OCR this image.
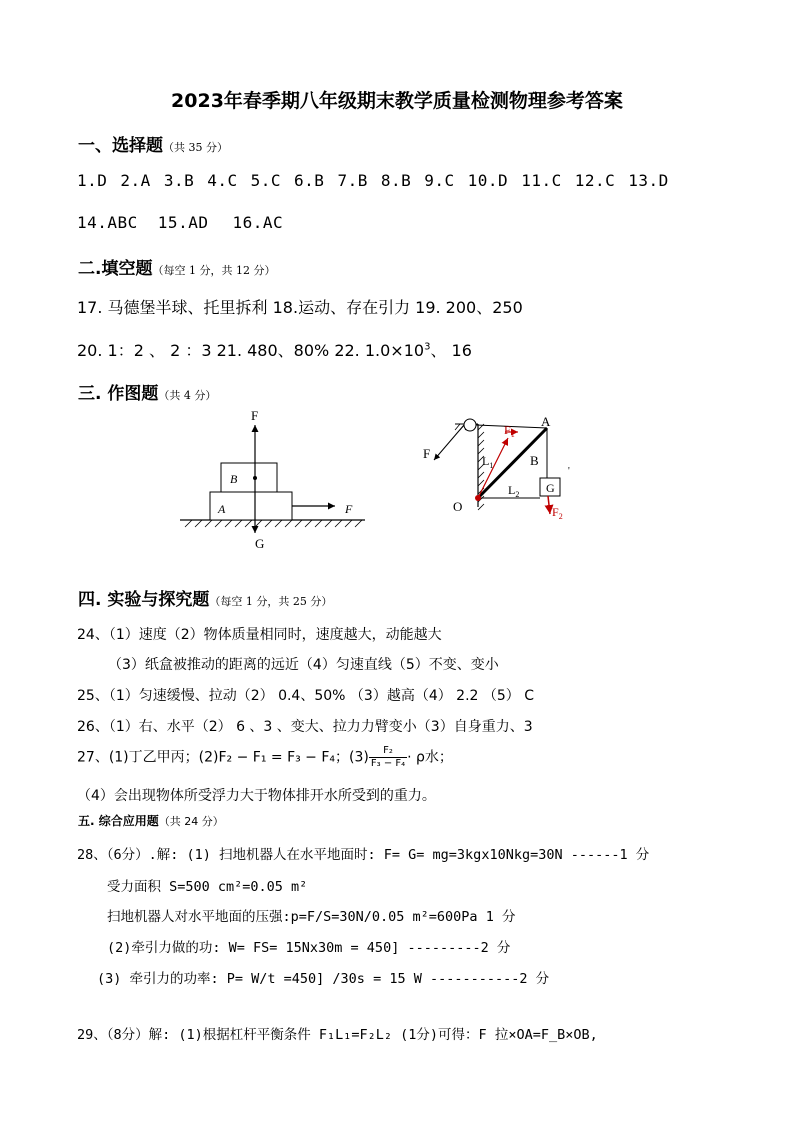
2023年春季期八年级期末教学质量检测物理参考答案
一、选择题（共 35 分）
1.D 2.A 3.B 4.C 5.C 6.B 7.B 8.B 9.C 10.D 11.C 12.C 13.D
14.ABC 15.AD 16.AC
二.填空题（每空 1 分，共 12 分）
17. 马德堡半球、托里拆利 18.运动、存在引力 19. 200、250
20. 1：2 、 2 ：3 21. 480、80% 22. $1.0\times 10^3$、 16
三. 作图题（共 4 分）
F
B
A	F
G
$F_1$
A
F	$L_1$	B
$L_2$ G
O	$F_2$
'
四. 实验与探究题（每空 1 分，共 25 分）
24、（1）速度（2）物体质量相同时，速度越大，动能越大
（3）纸盒被推动的距离的远近（4）匀速直线（5）不变、变小
25、（1）匀速缓慢、拉动（2） 0.4、50% （3）越高（4） 2.2 （5） C
26、（1）右、水平（2） 6 、3 、变大、拉力力臂变小（3）自身重力、3
27、(1)丁乙甲丙；(2)F₂ − F₁ = F₃ − F₄；$(3) \frac{\text{F₂}}{\text{F₃ − F₄}} \cdot \rho$水；
（4）会出现物体所受浮力大于物体排开水所受到的重力。
五. 综合应用题（共 24 分）
28、（6分）.解: (1) 扫地机器人在水平地面时: F= G= mg=3kgx10Nkg=30N ------1 分
受力面积 S=500 cm²=0.05 m²
扫地机器人对水平地面的压强:p=F/S=30N/0.05 m²=600Pa 1 分
(2)牵引力做的功: W= FS= 15Nx30m = 450] ---------2 分
(3) 牵引力的功率: P= W/t =450] /30s = 15 W -----------2 分
29、（8分）解: (1)根据杠杆平衡条件 F₁L₁=F₂L₂ (1分)可得：F 拉×OA=F_B×OB,
